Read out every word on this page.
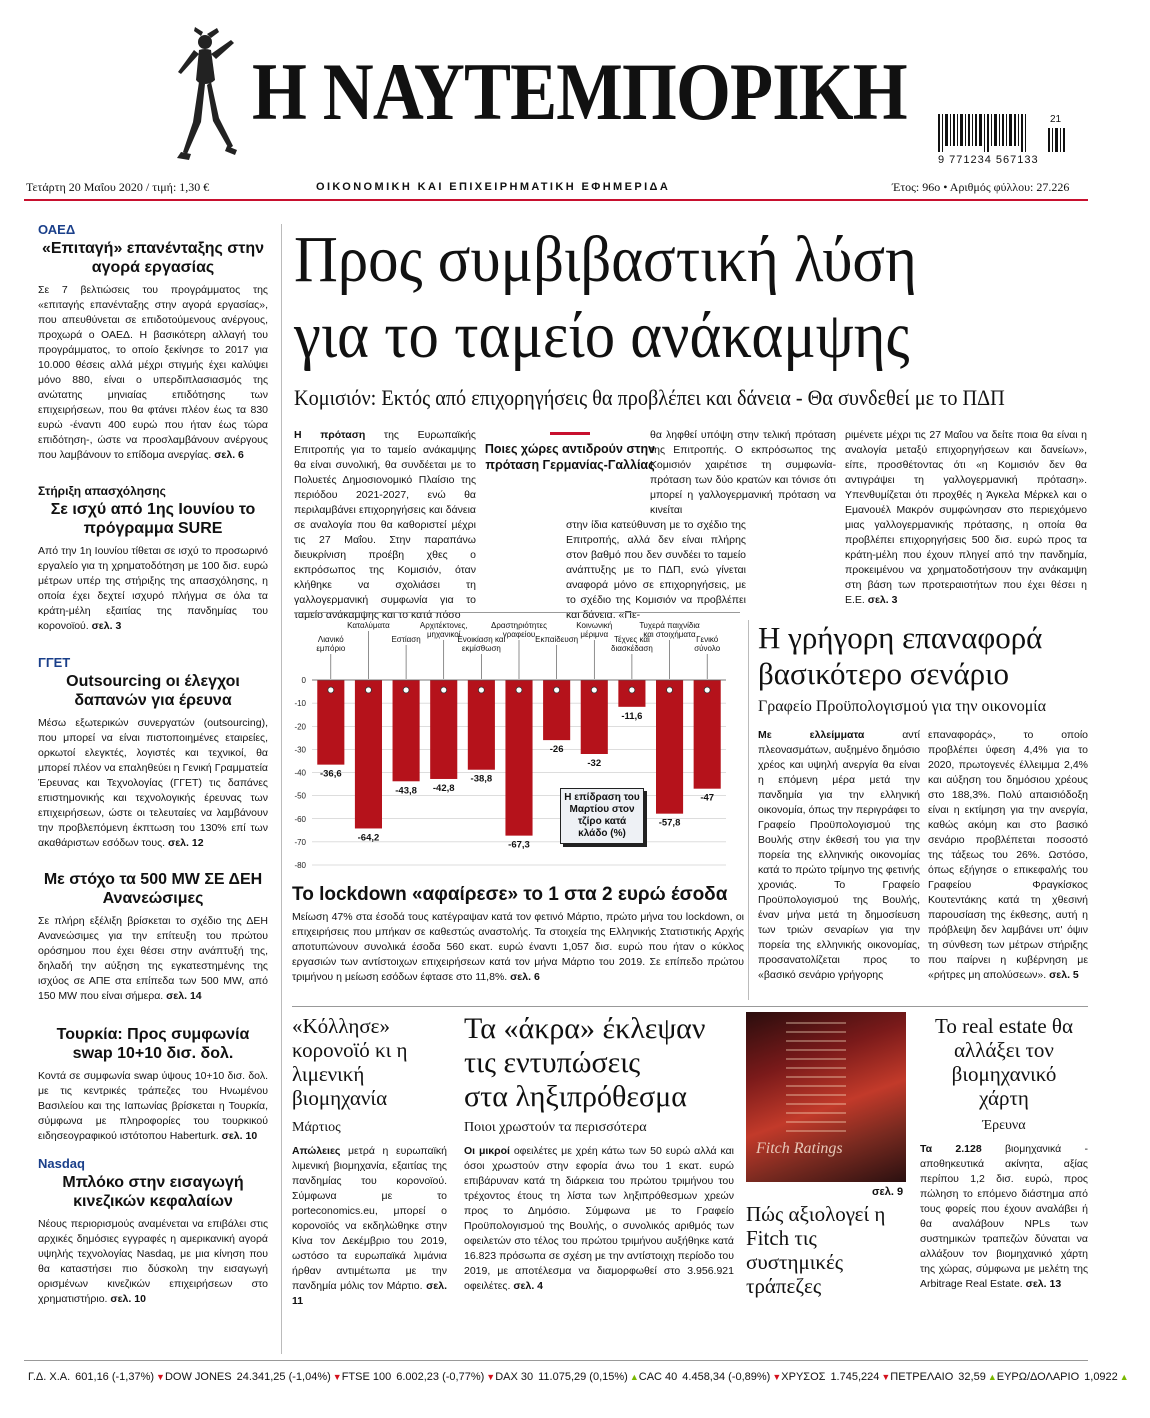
Η ΝΑΥΤΕΜΠΟΡΙΚΗ	21
9 771234 567133
Τετάρτη 20 Μαΐου 2020 / τιμή: 1,30 €	ΟΙΚΟΝΟΜΙΚΗ ΚΑΙ ΕΠΙΧΕΙΡΗΜΑΤΙΚΗ ΕΦΗΜΕΡΙΔΑ	Έτος: 96ο • Αριθμός φύλλου: 27.226
ΟΑΕΔ
«Επιταγή» επανένταξης στην αγορά εργασίας
Σε 7 βελτιώσεις του προγράμματος της «επιταγής επανένταξης στην αγορά εργασίας», που απευθύνεται σε επιδοτούμενους ανέργους, προχωρά ο ΟΑΕΔ. Η βασικότερη αλλαγή του προγράμματος, το οποίο ξεκίνησε το 2017 για 10.000 θέσεις αλλά μέχρι στιγμής έχει καλύψει μόνο 880, είναι ο υπερδιπλασιασμός της ανώτατης μηνιαίας επιδότησης των επιχειρήσεων, που θα φτάνει πλέον έως τα 830 ευρώ -έναντι 400 ευρώ που ήταν έως τώρα επιδότηση-, ώστε να προσλαμβάνουν ανέργους που λαμβάνουν το επίδομα ανεργίας. σελ. 6
Στήριξη απασχόλησης
Σε ισχύ από 1ης Ιουνίου το πρόγραμμα SURE
Από την 1η Ιουνίου τίθεται σε ισχύ το προσωρινό εργαλείο για τη χρηματοδότηση με 100 δισ. ευρώ μέτρων υπέρ της στήριξης της απασχόλησης, η οποία έχει δεχτεί ισχυρό πλήγμα σε όλα τα κράτη-μέλη εξαιτίας της πανδημίας του κορονοϊού. σελ. 3
ΓΓΕΤ
Outsourcing οι έλεγχοι δαπανών για έρευνα
Μέσω εξωτερικών συνεργατών (outsourcing), που μπορεί να είναι πιστοποιημένες εταιρείες, ορκωτοί ελεγκτές, λογιστές και τεχνικοί, θα μπορεί πλέον να επαληθεύει η Γενική Γραμματεία Έρευνας και Τεχνολογίας (ΓΓΕΤ) τις δαπάνες επιστημονικής και τεχνολογικής έρευνας των επιχειρήσεων, ώστε οι τελευταίες να λαμβάνουν την προβλεπόμενη έκπτωση του 130% επί των ακαθάριστων εσόδων τους. σελ. 12
Με στόχο τα 500 MW ΣΕ ΔΕΗ Ανανεώσιμες
Σε πλήρη εξέλιξη βρίσκεται το σχέδιο της ΔΕΗ Ανανεώσιμες για την επίτευξη του πρώτου ορόσημου που έχει θέσει στην ανάπτυξή της, δηλαδή την αύξηση της εγκατεστημένης της ισχύος σε ΑΠΕ στα επίπεδα των 500 MW, από 150 MW που είναι σήμερα. σελ. 14
Τουρκία: Προς συμφωνία swap 10+10 δισ. δολ.
Κοντά σε συμφωνία swap ύψους 10+10 δισ. δολ. με τις κεντρικές τράπεζες του Ηνωμένου Βασιλείου και της Ιαπωνίας βρίσκεται η Τουρκία, σύμφωνα με πληροφορίες του τουρκικού ειδησεογραφικού ιστότοπου Haberturk. σελ. 10
Nasdaq
Μπλόκο στην εισαγωγή κινεζικών κεφαλαίων
Νέους περιορισμούς αναμένεται να επιβάλει στις αρχικές δημόσιες εγγραφές η αμερικανική αγορά υψηλής τεχνολογίας Nasdaq, με μια κίνηση που θα καταστήσει πιο δύσκολη την εισαγωγή ορισμένων κινεζικών επιχειρήσεων στο χρηματιστήριο. σελ. 10
Προς συμβιβαστική λύση
για το ταμείο ανάκαμψης
Κομισιόν: Εκτός από επιχορηγήσεις θα προβλέπει και δάνεια - Θα συνδεθεί με το ΠΔΠ
Η πρόταση της Ευρωπαϊκής Επιτροπής για το ταμείο ανάκαμψης θα είναι συνολική, θα συνδέεται με το Πολυετές Δημοσιονομικό Πλαίσιο της περιόδου 2021-2027, ενώ θα περιλαμβάνει επιχορηγήσεις και δάνεια σε αναλογία που θα καθοριστεί μέχρι τις 27 Μαΐου. Στην παραπάνω διευκρίνιση προέβη χθες ο εκπρόσωπος της Κομισιόν, όταν κλήθηκε να σχολιάσει τη γαλλογερμανική συμφωνία για το ταμείο ανάκαμψης και το κατά πόσο
Ποιες χώρες αντιδρούν στην πρόταση Γερμανίας-Γαλλίας
στην ίδια κατεύθυνση με το σχέδιο της Επιτροπής, αλλά δεν είναι πλήρης στον βαθμό που δεν συνδέει το ταμείο ανάπτυξης με το ΠΔΠ, ενώ γίνεται αναφορά μόνο σε επιχορηγήσεις, με το σχέδιο της Κομισιόν να προβλέπει και δάνεια. «Πε-
θα ληφθεί υπόψη στην τελική πρόταση της Επιτροπής. Ο εκπρόσωπος της Κομισιόν χαιρέτισε τη συμφωνία-πρόταση των δύο κρατών και τόνισε ότι μπορεί η γαλλογερμανική πρόταση να κινείται
ριμένετε μέχρι τις 27 Μαΐου να δείτε ποια θα είναι η αναλογία μεταξύ επιχορηγήσεων και δανείων», είπε, προσθέτοντας ότι «η Κομισιόν δεν θα αντιγράψει τη γαλλογερμανική πρόταση». Υπενθυμίζεται ότι προχθές η Άγκελα Μέρκελ και ο Εμανουέλ Μακρόν συμφώνησαν στο περιεχόμενο μιας γαλλογερμανικής πρότασης, η οποία θα προβλέπει επιχορηγήσεις 500 δισ. ευρώ προς τα κράτη-μέλη που έχουν πληγεί από την πανδημία, προκειμένου να χρηματοδοτήσουν την ανάκαμψη στη βάση των προτεραιοτήτων που έχει θέσει η Ε.Ε. σελ. 3
0
-10
-20
-30
-40
-50
-60
-70
-80
-36,6
Λιανικό εμπόριο
-64,2
Καταλύματα
-43,8
Εστίαση
-42,8
Αρχιτέκτονες, μηχανικοί
-38,8
Ενοικίαση και εκμίσθωση
-67,3
Δραστηριότητες γραφείου
-26
Εκπαίδευση
-32
Κοινωνική μέριμνα
-11,6
Τέχνες και διασκέδαση
-57,8
Τυχερά παιχνίδια και στοιχήματα
-47
Γενικό σύνολο
Η επίδραση του Μαρτίου στον τζίρο κατά κλάδο (%)
Το lockdown «αφαίρεσε» το 1 στα 2 ευρώ έσοδα
Μείωση 47% στα έσοδά τους κατέγραψαν κατά τον φετινό Μάρτιο, πρώτο μήνα του lockdown, οι επιχειρήσεις που μπήκαν σε καθεστώς αναστολής. Τα στοιχεία της Ελληνικής Στατιστικής Αρχής αποτυπώνουν συνολικά έσοδα 560 εκατ. ευρώ έναντι 1,057 δισ. ευρώ που ήταν ο κύκλος εργασιών των αντίστοιχων επιχειρήσεων κατά τον μήνα Μάρτιο του 2019. Σε επίπεδο πρώτου τριμήνου η μείωση εσόδων έφτασε στο 11,8%. σελ. 6
Η γρήγορη επαναφορά
βασικότερο σενάριο
Γραφείο Προϋπολογισμού για την οικονομία
Με ελλείμματα	αντί πλεονασμάτων, αυξημένο δημόσιο χρέος και υψηλή ανεργία θα είναι η επόμενη μέρα μετά την πανδημία για την ελληνική οικονομία, όπως την περιγράφει το Γραφείο Προϋπολογισμού της Βουλής στην έκθεσή του για την πορεία της ελληνικής οικονομίας κατά το πρώτο τρίμηνο της φετινής χρονιάς. Το Γραφείο Προϋπολογισμού της Βουλής, έναν μήνα μετά τη δημοσίευση των τριών σεναρίων για την πορεία της ελληνικής οικονομίας, προσανατολίζεται προς το «βασικό σενάριο γρήγορης
επαναφοράς», το οποίο προβλέπει ύφεση 4,4% για το 2020, πρωτογενές έλλειμμα 2,4% και αύξηση του δημόσιου χρέους στο 188,3%. Πολύ απαισιόδοξη είναι η εκτίμηση για την ανεργία, καθώς ακόμη και στο βασικό σενάριο προβλέπεται ποσοστό της τάξεως του 26%. Ωστόσο, όπως εξήγησε ο επικεφαλής του Γραφείου Φραγκίσκος Κουτεντάκης κατά τη χθεσινή παρουσίαση της έκθεσης, αυτή η πρόβλεψη δεν λαμβάνει υπ' όψιν τη σύνθεση των μέτρων στήριξης που παίρνει η κυβέρνηση με «ρήτρες μη απολύσεων». σελ. 5
«Κόλλησε» κορονοϊό κι η λιμενική βιομηχανία
Μάρτιος
Απώλειες μετρά η ευρωπαϊκή λιμενική βιομηχανία, εξαιτίας της πανδημίας του κορονοϊού. Σύμφωνα με το porteconomics.eu, μπορεί ο κορονοϊός να εκδηλώθηκε στην Κίνα τον Δεκέμβριο του 2019, ωστόσο τα ευρωπαϊκά λιμάνια ήρθαν αντιμέτωπα με την πανδημία μόλις τον Μάρτιο. σελ. 11
Τα «άκρα» έκλεψαν
τις εντυπώσεις
στα ληξιπρόθεσμα
Ποιοι χρωστούν τα περισσότερα
Οι μικροί οφειλέτες με χρέη κάτω των 50 ευρώ αλλά και όσοι χρωστούν στην εφορία άνω του 1 εκατ. ευρώ επιβάρυναν κατά τη διάρκεια του πρώτου τριμήνου του τρέχοντος έτους τη λίστα των ληξιπρόθεσμων χρεών προς το Δημόσιο. Σύμφωνα με το Γραφείο Προϋπολογισμού της Βουλής, ο συνολικός αριθμός των οφειλετών στο τέλος του πρώτου τριμήνου αυξήθηκε κατά 16.823 πρόσωπα σε σχέση με την αντίστοιχη περίοδο του 2019, με αποτέλεσμα να διαμορφωθεί στο 3.956.921 οφειλέτες. σελ. 4
Fitch Ratings
σελ. 9
Πώς αξιολογεί η Fitch τις συστημικές τράπεζες
Το real estate θα αλλάξει τον βιομηχανικό χάρτη
Έρευνα
Τα 2.128 βιομηχανικά - αποθηκευτικά ακίνητα, αξίας περίπου 1,2 δισ. ευρώ, προς πώληση το επόμενο διάστημα από τους φορείς που έχουν αναλάβει ή θα αναλάβουν NPLs των συστημικών τραπεζών δύναται να αλλάξουν τον βιομηχανικό χάρτη της χώρας, σύμφωνα με μελέτη της Arbitrage Real Estate. σελ. 13
Γ.Δ. Χ.Α. 601,16 (-1,37%) ▼ DOW JONES 24.341,25 (-1,04%) ▼ FTSE 100 6.002,23 (-0,77%) ▼ DAX 30 11.075,29 (0,15%) ▲ CAC 40 4.458,34 (-0,89%) ▼ ΧΡΥΣΟΣ 1.745,224 ▼ ΠΕΤΡΕΛΑΙΟ 32,59 ▲ ΕΥΡΩ/ΔΟΛΑΡΙΟ 1,0922 ▲
